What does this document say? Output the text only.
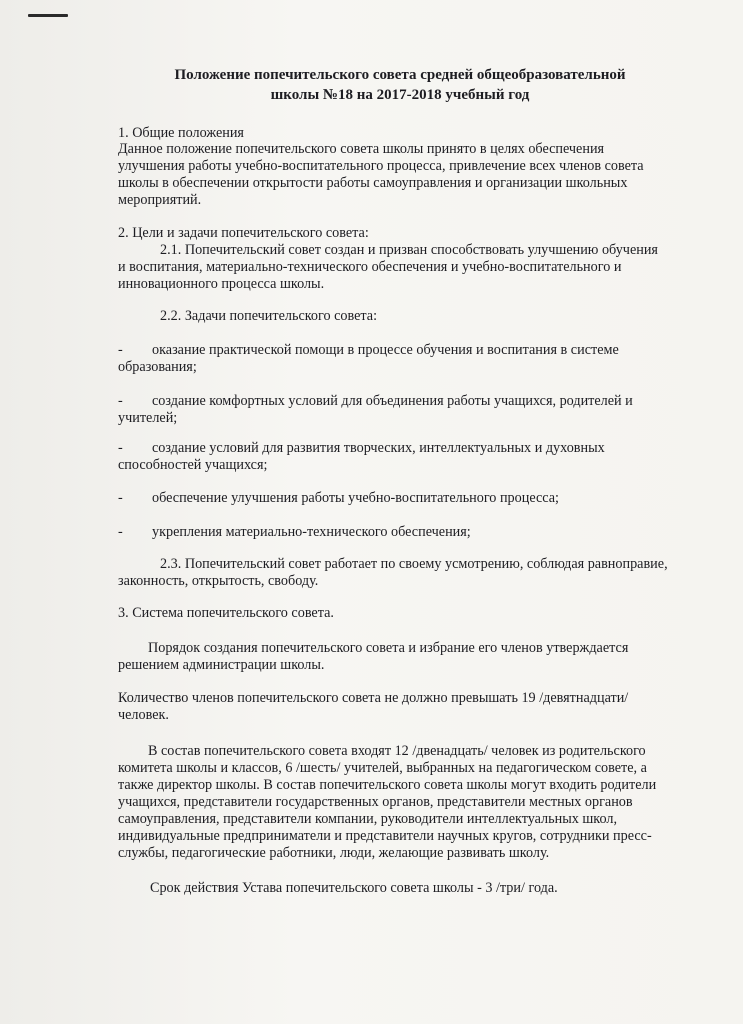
Положение попечительского совета средней общеобразовательной
школы №18 на 2017-2018 учебный год
1. Общие положения
Данное положение попечительского совета школы принято в целях обеспечения
улучшения работы учебно-воспитательного процесса, привлечение всех членов совета
школы в обеспечении открытости работы самоуправления и организации школьных
мероприятий.
2. Цели и задачи попечительского совета:
2.1. Попечительский совет создан и призван способствовать улучшению обучения
и воспитания, материально-технического обеспечения и учебно-воспитательного и
инновационного процесса школы.
2.2. Задачи попечительского совета:
- оказание практической помощи в процессе обучения и воспитания в системе
образования;
- создание комфортных условий для объединения работы учащихся, родителей и
учителей;
- создание условий для развития творческих, интеллектуальных и духовных
способностей учащихся;
- обеспечение улучшения работы учебно-воспитательного процесса;
- укрепления материально-технического обеспечения;
2.3. Попечительский совет работает по своему усмотрению, соблюдая равноправие,
законность, открытость, свободу.
3. Система попечительского совета.
Порядок создания попечительского совета и избрание его членов утверждается
решением администрации школы.
Количество членов попечительского совета не должно превышать 19 /девятнадцати/
человек.
В состав попечительского совета входят 12 /двенадцать/ человек из родительского
комитета школы и классов, 6 /шесть/ учителей, выбранных на педагогическом совете, а
также директор школы. В состав попечительского совета школы могут входить родители
учащихся, представители государственных органов, представители местных органов
самоуправления, представители компании, руководители интеллектуальных школ,
индивидуальные предприниматели и представители научных кругов, сотрудники пресс-
службы, педагогические работники, люди, желающие развивать школу.
Срок действия Устава попечительского совета школы - 3 /три/ года.
